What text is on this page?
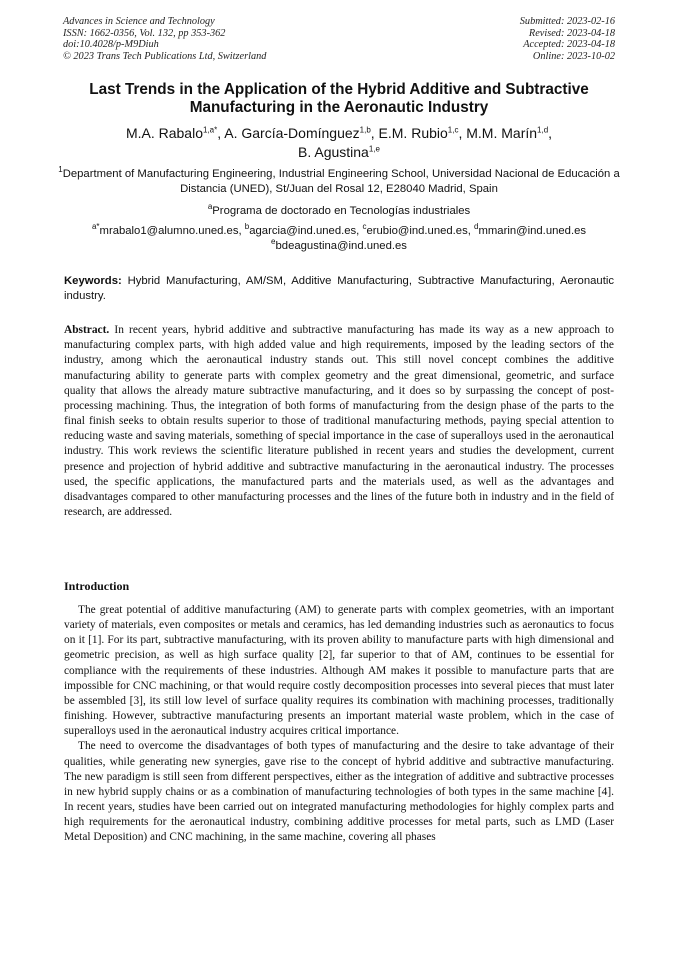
Advances in Science and Technology
ISSN: 1662-0356, Vol. 132, pp 353-362
doi:10.4028/p-M9Diuh
© 2023 Trans Tech Publications Ltd, Switzerland
Submitted: 2023-02-16
Revised: 2023-04-18
Accepted: 2023-04-18
Online: 2023-10-02
Last Trends in the Application of the Hybrid Additive and Subtractive Manufacturing in the Aeronautic Industry
M.A. Rabalo$^{1,a*}$, A. García-Domínguez$^{1,b}$, E.M. Rubio$^{1,c}$, M.M. Marín$^{1,d}$,
B. Agustina$^{1,e}$
$^1$Department of Manufacturing Engineering, Industrial Engineering School, Universidad Nacional de Educación a Distancia (UNED), St/Juan del Rosal 12, E28040 Madrid, Spain
$^a$Programa de doctorado en Tecnologías industriales
$^{a*}$mrabalo1@alumno.uned.es, $^b$agarcia@ind.uned.es, $^c$erubio@ind.uned.es, $^d$mmarin@ind.uned.es
$^e$bdeagustina@ind.uned.es
Keywords: Hybrid Manufacturing, AM/SM, Additive Manufacturing, Subtractive Manufacturing, Aeronautic industry.
Abstract. In recent years, hybrid additive and subtractive manufacturing has made its way as a new approach to manufacturing complex parts, with high added value and high requirements, imposed by the leading sectors of the industry, among which the aeronautical industry stands out. This still novel concept combines the additive manufacturing ability to generate parts with complex geometry and the great dimensional, geometric, and surface quality that allows the already mature subtractive manufacturing, and it does so by surpassing the concept of post-processing machining. Thus, the integration of both forms of manufacturing from the design phase of the parts to the final finish seeks to obtain results superior to those of traditional manufacturing methods, paying special attention to reducing waste and saving materials, something of special importance in the case of superalloys used in the aeronautical industry. This work reviews the scientific literature published in recent years and studies the development, current presence and projection of hybrid additive and subtractive manufacturing in the aeronautical industry. The processes used, the specific applications, the manufactured parts and the materials used, as well as the advantages and disadvantages compared to other manufacturing processes and the lines of the future both in industry and in the field of research, are addressed.
Introduction

The great potential of additive manufacturing (AM) to generate parts with complex geometries, with an important variety of materials, even composites or metals and ceramics, has led demanding industries such as aeronautics to focus on it [1]. For its part, subtractive manufacturing, with its proven ability to manufacture parts with high dimensional and geometric precision, as well as high surface quality [2], far superior to that of AM, continues to be essential for compliance with the requirements of these industries. Although AM makes it possible to manufacture parts that are impossible for CNC machining, or that would require costly decomposition processes into several pieces that must later be assembled [3], its still low level of surface quality requires its combination with machining processes, traditionally finishing. However, subtractive manufacturing presents an important material waste problem, which in the case of superalloys used in the aeronautical industry acquires critical importance.

The need to overcome the disadvantages of both types of manufacturing and the desire to take advantage of their qualities, while generating new synergies, gave rise to the concept of hybrid additive and subtractive manufacturing. The new paradigm is still seen from different perspectives, either as the integration of additive and subtractive processes in new hybrid supply chains or as a combination of manufacturing technologies of both types in the same machine [4]. In recent years, studies have been carried out on integrated manufacturing methodologies for highly complex parts and high requirements for the aeronautical industry, combining additive processes for metal parts, such as LMD (Laser Metal Deposition) and CNC machining, in the same machine, covering all phases
